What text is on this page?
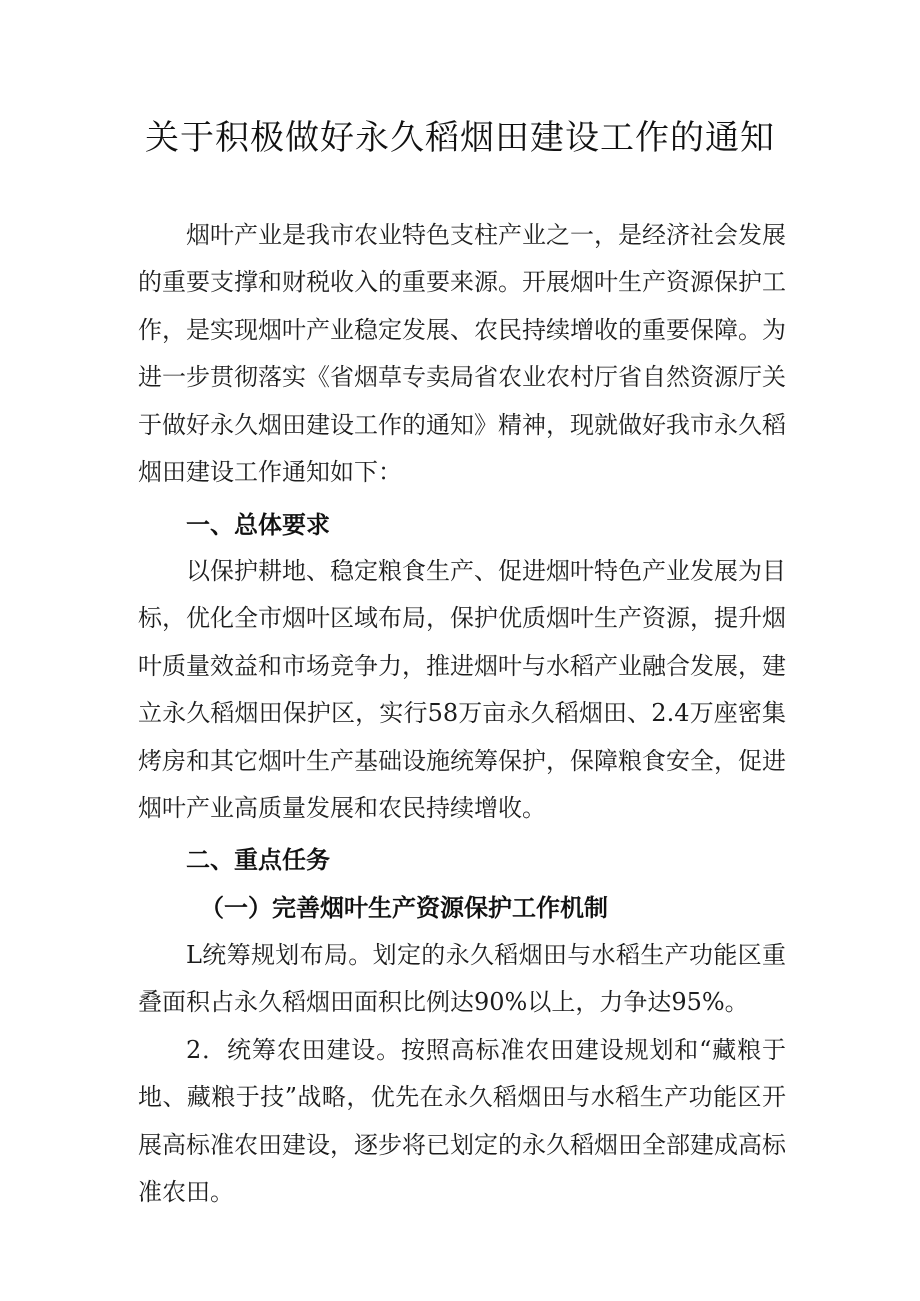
关于积极做好永久稻烟田建设工作的通知

烟叶产业是我市农业特色支柱产业之一，是经济社会发展的重要支撑和财税收入的重要来源。开展烟叶生产资源保护工作，是实现烟叶产业稳定发展、农民持续增收的重要保障。为进一步贯彻落实《省烟草专卖局省农业农村厅省自然资源厅关于做好永久烟田建设工作的通知》精神，现就做好我市永久稻烟田建设工作通知如下：

一、总体要求

以保护耕地、稳定粮食生产、促进烟叶特色产业发展为目标，优化全市烟叶区域布局，保护优质烟叶生产资源，提升烟叶质量效益和市场竞争力，推进烟叶与水稻产业融合发展，建立永久稻烟田保护区，实行58万亩永久稻烟田、2.4万座密集烤房和其它烟叶生产基础设施统筹保护，保障粮食安全，促进烟叶产业高质量发展和农民持续增收。

二、重点任务
（一）完善烟叶生产资源保护工作机制

L统筹规划布局。划定的永久稻烟田与水稻生产功能区重叠面积占永久稻烟田面积比例达90%以上，力争达95%。

2．统筹农田建设。按照高标准农田建设规划和“藏粮于地、藏粮于技”战略，优先在永久稻烟田与水稻生产功能区开展高标准农田建设，逐步将已划定的永久稻烟田全部建成高标准农田。
